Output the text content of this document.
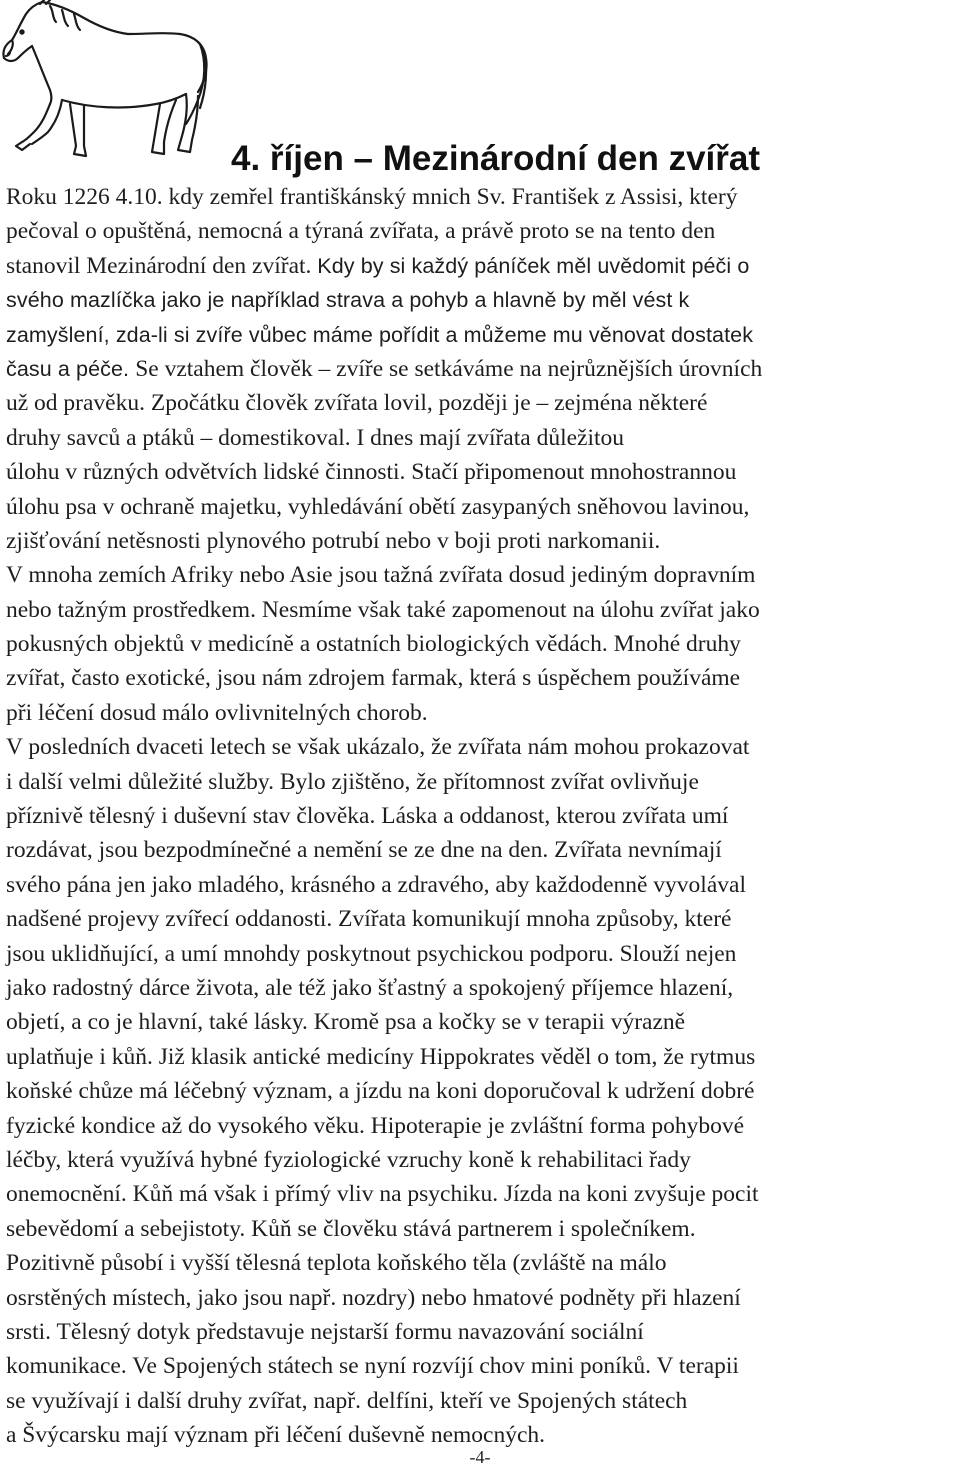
4. říjen – Mezinárodní den zvířat
Roku 1226 4.10. kdy zemřel františkánský mnich Sv. František z Assisi, který
pečoval o opuštěná, nemocná a týraná zvířata, a právě proto se na tento den
stanovil Mezinárodní den zvířat. Kdy by si každý páníček měl uvědomit péči o
svého mazlíčka jako je například strava a pohyb a hlavně by měl vést k
zamyšlení, zda-li si zvíře vůbec máme pořídit a můžeme mu věnovat dostatek
času a péče. Se vztahem člověk – zvíře se setkáváme na nejrůznějších úrovních
už od pravěku. Zpočátku člověk zvířata lovil, později je – zejména některé
druhy savců a ptáků – domestikoval. I dnes mají zvířata důležitou
úlohu v různých odvětvích lidské činnosti. Stačí připomenout mnohostrannou
úlohu psa v ochraně majetku, vyhledávání obětí zasypaných sněhovou lavinou,
zjišťování netěsnosti plynového potrubí nebo v boji proti narkomanii.
V mnoha zemích Afriky nebo Asie jsou tažná zvířata dosud jediným dopravním
nebo tažným prostředkem. Nesmíme však také zapomenout na úlohu zvířat jako
pokusných objektů v medicíně a ostatních biologických vědách. Mnohé druhy
zvířat, často exotické, jsou nám zdrojem farmak, která s úspěchem používáme
při léčení dosud málo ovlivnitelných chorob.
V posledních dvaceti letech se však ukázalo, že zvířata nám mohou prokazovat
i další velmi důležité služby. Bylo zjištěno, že přítomnost zvířat ovlivňuje
příznivě tělesný i duševní stav člověka. Láska a oddanost, kterou zvířata umí
rozdávat, jsou bezpodmínečné a nemění se ze dne na den. Zvířata nevnímají
svého pána jen jako mladého, krásného a zdravého, aby každodenně vyvolával
nadšené projevy zvířecí oddanosti. Zvířata komunikují mnoha způsoby, které
jsou uklidňující, a umí mnohdy poskytnout psychickou podporu. Slouží nejen
jako radostný dárce života, ale též jako šťastný a spokojený příjemce hlazení,
objetí, a co je hlavní, také lásky. Kromě psa a kočky se v terapii výrazně
uplatňuje i kůň. Již klasik antické medicíny Hippokrates věděl o tom, že rytmus
koňské chůze má léčebný význam, a jízdu na koni doporučoval k udržení dobré
fyzické kondice až do vysokého věku. Hipoterapie je zvláštní forma pohybové
léčby, která využívá hybné fyziologické vzruchy koně k rehabilitaci řady
onemocnění. Kůň má však i přímý vliv na psychiku. Jízda na koni zvyšuje pocit
sebevědomí a sebejistoty. Kůň se člověku stává partnerem i společníkem.
Pozitivně působí i vyšší tělesná teplota koňského těla (zvláště na málo
osrstěných místech, jako jsou např. nozdry) nebo hmatové podněty při hlazení
srsti. Tělesný dotyk představuje nejstarší formu navazování sociální
komunikace. Ve Spojených státech se nyní rozvíjí chov mini poníků. V terapii
se využívají i další druhy zvířat, např. delfíni, kteří ve Spojených státech
a Švýcarsku mají význam při léčení duševně nemocných.
-4-
